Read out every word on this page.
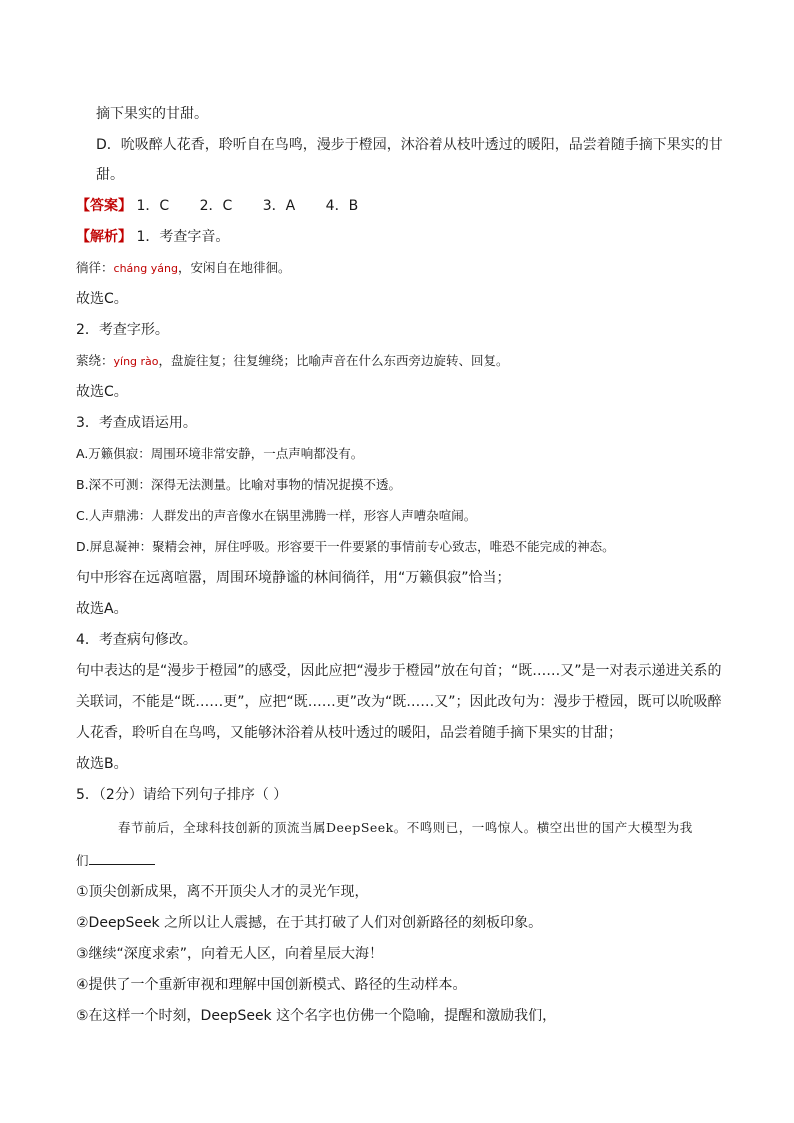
摘下果实的甘甜。
D．吮吸醉人花香，聆听自在鸟鸣，漫步于橙园，沐浴着从枝叶透过的暖阳，品尝着随手摘下果实的甘
甜。
【答案】 1．C 2．C 3．A 4．B
【解析】 1．考查字音。
徜徉：cháng yáng，安闲自在地徘徊。
故选C。
2．考查字形。
萦绕：yíng rào，盘旋往复；往复缠绕；比喻声音在什么东西旁边旋转、回复。
故选C。
3．考查成语运用。
A.万籁俱寂：周围环境非常安静，一点声响都没有。
B.深不可测：深得无法测量。比喻对事物的情况捉摸不透。
C.人声鼎沸：人群发出的声音像水在锅里沸腾一样，形容人声嘈杂喧闹。
D.屏息凝神：聚精会神，屏住呼吸。形容要干一件要紧的事情前专心致志，唯恐不能完成的神态。
句中形容在远离喧嚣，周围环境静谧的林间徜徉，用“万籁俱寂”恰当；
故选A。
4．考查病句修改。
句中表达的是“漫步于橙园”的感受，因此应把“漫步于橙园”放在句首；“既……又”是一对表示递进关系的
关联词，不能是“既……更”，应把“既……更”改为“既……又”；因此改句为：漫步于橙园，既可以吮吸醉
人花香，聆听自在鸟鸣，又能够沐浴着从枝叶透过的暖阳，品尝着随手摘下果实的甘甜；
故选B。
5．（2分）请给下列句子排序（ ）
春节前后，全球科技创新的顶流当属DeepSeek。不鸣则已，一鸣惊人。横空出世的国产大模型为我
们
①顶尖创新成果，离不开顶尖人才的灵光乍现，
②DeepSeek 之所以让人震撼，在于其打破了人们对创新路径的刻板印象。
③继续“深度求索”，向着无人区，向着星辰大海！
④提供了一个重新审视和理解中国创新模式、路径的生动样本。
⑤在这样一个时刻，DeepSeek 这个名字也仿佛一个隐喻，提醒和激励我们，
